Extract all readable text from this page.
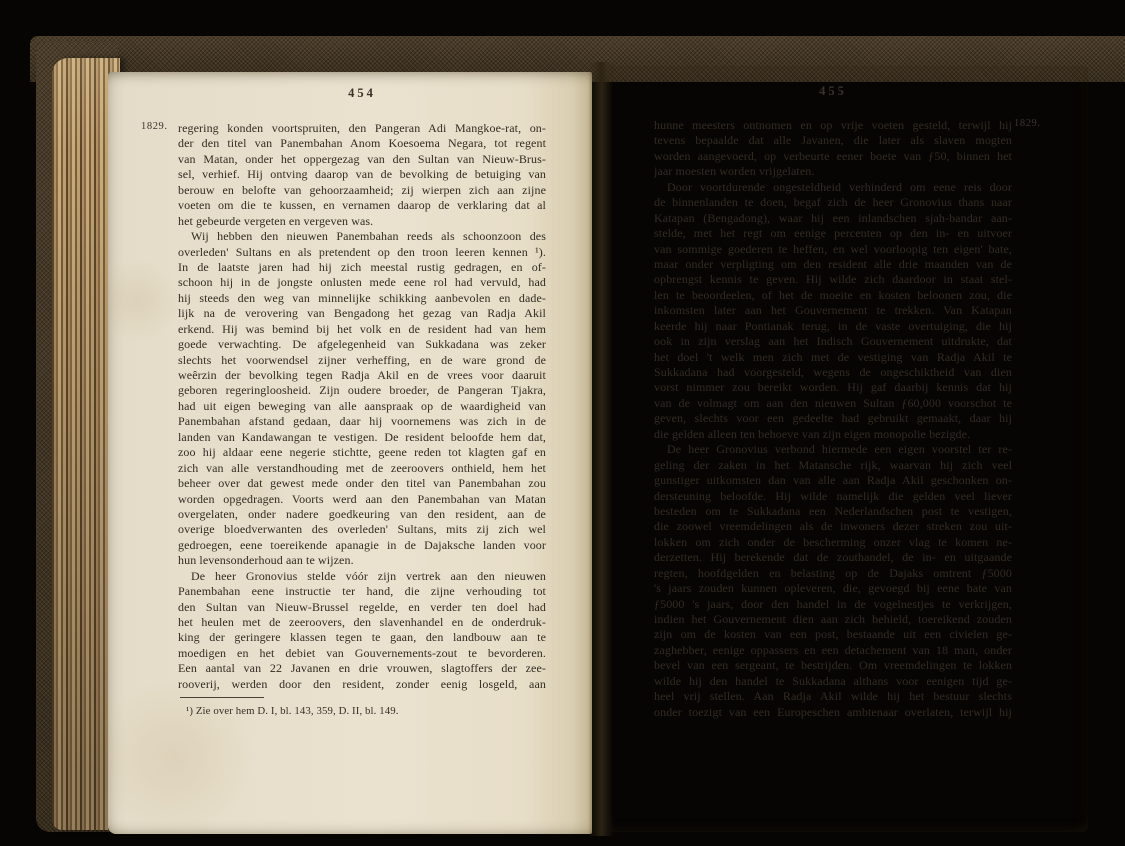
454
1829. regering konden voortspruiten, den Pangeran Adi Mangkoe-rat, on-
der den titel van Panembahan Anom Koesoema Negara, tot regent
van Matan, onder het oppergezag van den Sultan van Nieuw-Brus-
sel, verhief. Hij ontving daarop van de bevolking de betuiging van
berouw en belofte van gehoorzaamheid; zij wierpen zich aan zijne
voeten om die te kussen, en vernamen daarop de verklaring dat al
het gebeurde vergeten en vergeven was.
Wij hebben den nieuwen Panembahan reeds als schoonzoon des
overleden' Sultans en als pretendent op den troon leeren kennen ¹).
In de laatste jaren had hij zich meestal rustig gedragen, en of-
schoon hij in de jongste onlusten mede eene rol had vervuld, had
hij steeds den weg van minnelijke schikking aanbevolen en dade-
lijk na de verovering van Bengadong het gezag van Radja Akil
erkend. Hij was bemind bij het volk en de resident had van hem
goede verwachting. De afgelegenheid van Sukkadana was zeker
slechts het voorwendsel zijner verheffing, en de ware grond de
weêrzin der bevolking tegen Radja Akil en de vrees voor daaruit
geboren regeringloosheid. Zijn oudere broeder, de Pangeran Tjakra,
had uit eigen beweging van alle aanspraak op de waardigheid van
Panembahan afstand gedaan, daar hij voornemens was zich in de
landen van Kandawangan te vestigen. De resident beloofde hem dat,
zoo hij aldaar eene negerie stichtte, geene reden tot klagten gaf en
zich van alle verstandhouding met de zeeroovers onthield, hem het
beheer over dat gewest mede onder den titel van Panembahan zou
worden opgedragen. Voorts werd aan den Panembahan van Matan
overgelaten, onder nadere goedkeuring van den resident, aan de
overige bloedverwanten des overleden' Sultans, mits zij zich wel
gedroegen, eene toereikende apanagie in de Dajaksche landen voor
hun levensonderhoud aan te wijzen.
De heer Gronovius stelde vóór zijn vertrek aan den nieuwen
Panembahan eene instructie ter hand, die zijne verhouding tot
den Sultan van Nieuw-Brussel regelde, en verder ten doel had
het heulen met de zeeroovers, den slavenhandel en de onderdruk-
king der geringere klassen tegen te gaan, den landbouw aan te
moedigen en het debiet van Gouvernements-zout te bevorderen.
Een aantal van 22 Javanen en drie vrouwen, slagtoffers der zee-
rooverij, werden door den resident, zonder eenig losgeld, aan
¹) Zie over hem D. I, bl. 143, 359, D. II, bl. 149.
455
1829.
hunne meesters ontnomen en op vrije voeten gesteld, terwijl hij
tevens bepaalde dat alle Javanen, die later als slaven mogten
worden aangevoerd, op verbeurte eener boete van ƒ50, binnen het
jaar moesten worden vrijgelaten.
Door voortdurende ongesteldheid verhinderd om eene reis door
de binnenlanden te doen, begaf zich de heer Gronovius thans naar
Katapan (Bengadong), waar hij een inlandschen sjah-bandar aan-
stelde, met het regt om eenige percenten op den in- en uitvoer
van sommige goederen te heffen, en wel voorloopig ten eigen' bate,
maar onder verpligting om den resident alle drie maanden van de
opbrengst kennis te geven. Hij wilde zich daardoor in staat stel-
len te beoordeelen, of het de moeite en kosten beloonen zou, die
inkomsten later aan het Gouvernement te trekken. Van Katapan
keerde hij naar Pontianak terug, in de vaste overtuiging, die hij
ook in zijn verslag aan het Indisch Gouvernement uitdrukte, dat
het doel 't welk men zich met de vestiging van Radja Akil te
Sukkadana had voorgesteld, wegens de ongeschiktheid van dien
vorst nimmer zou bereikt worden. Hij gaf daarbij kennis dat hij
van de volmagt om aan den nieuwen Sultan ƒ60,000 voorschot te
geven, slechts voor een gedeelte had gebruikt gemaakt, daar hij
die gelden alleen ten behoeve van zijn eigen monopolie bezigde.
De heer Gronovius verbond hiermede een eigen voorstel ter re-
geling der zaken in het Matansche rijk, waarvan hij zich veel
gunstiger uitkomsten dan van alle aan Radja Akil geschonken on-
dersteuning beloofde. Hij wilde namelijk die gelden veel liever
besteden om te Sukkadana een Nederlandschen post te vestigen,
die zoowel vreemdelingen als de inwoners dezer streken zou uit-
lokken om zich onder de bescherming onzer vlag te komen ne-
derzetten. Hij berekende dat de zouthandel, de in- en uitgaande
regten, hoofdgelden en belasting op de Dajaks omtrent ƒ5000
's jaars zouden kunnen opleveren, die, gevoegd bij eene bate van
ƒ5000 's jaars, door den handel in de vogelnestjes te verkrijgen,
indien het Gouvernement dien aan zich behield, toereikend zouden
zijn om de kosten van een post, bestaande uit een civielen ge-
zaghebber, eenige oppassers en een detachement van 18 man, onder
bevel van een sergeant, te bestrijden. Om vreemdelingen te lokken
wilde hij den handel te Sukkadana althans voor eenigen tijd ge-
heel vrij stellen. Aan Radja Akil wilde hij het bestuur slechts
onder toezigt van een Europeschen ambtenaar overlaten, terwijl hij
